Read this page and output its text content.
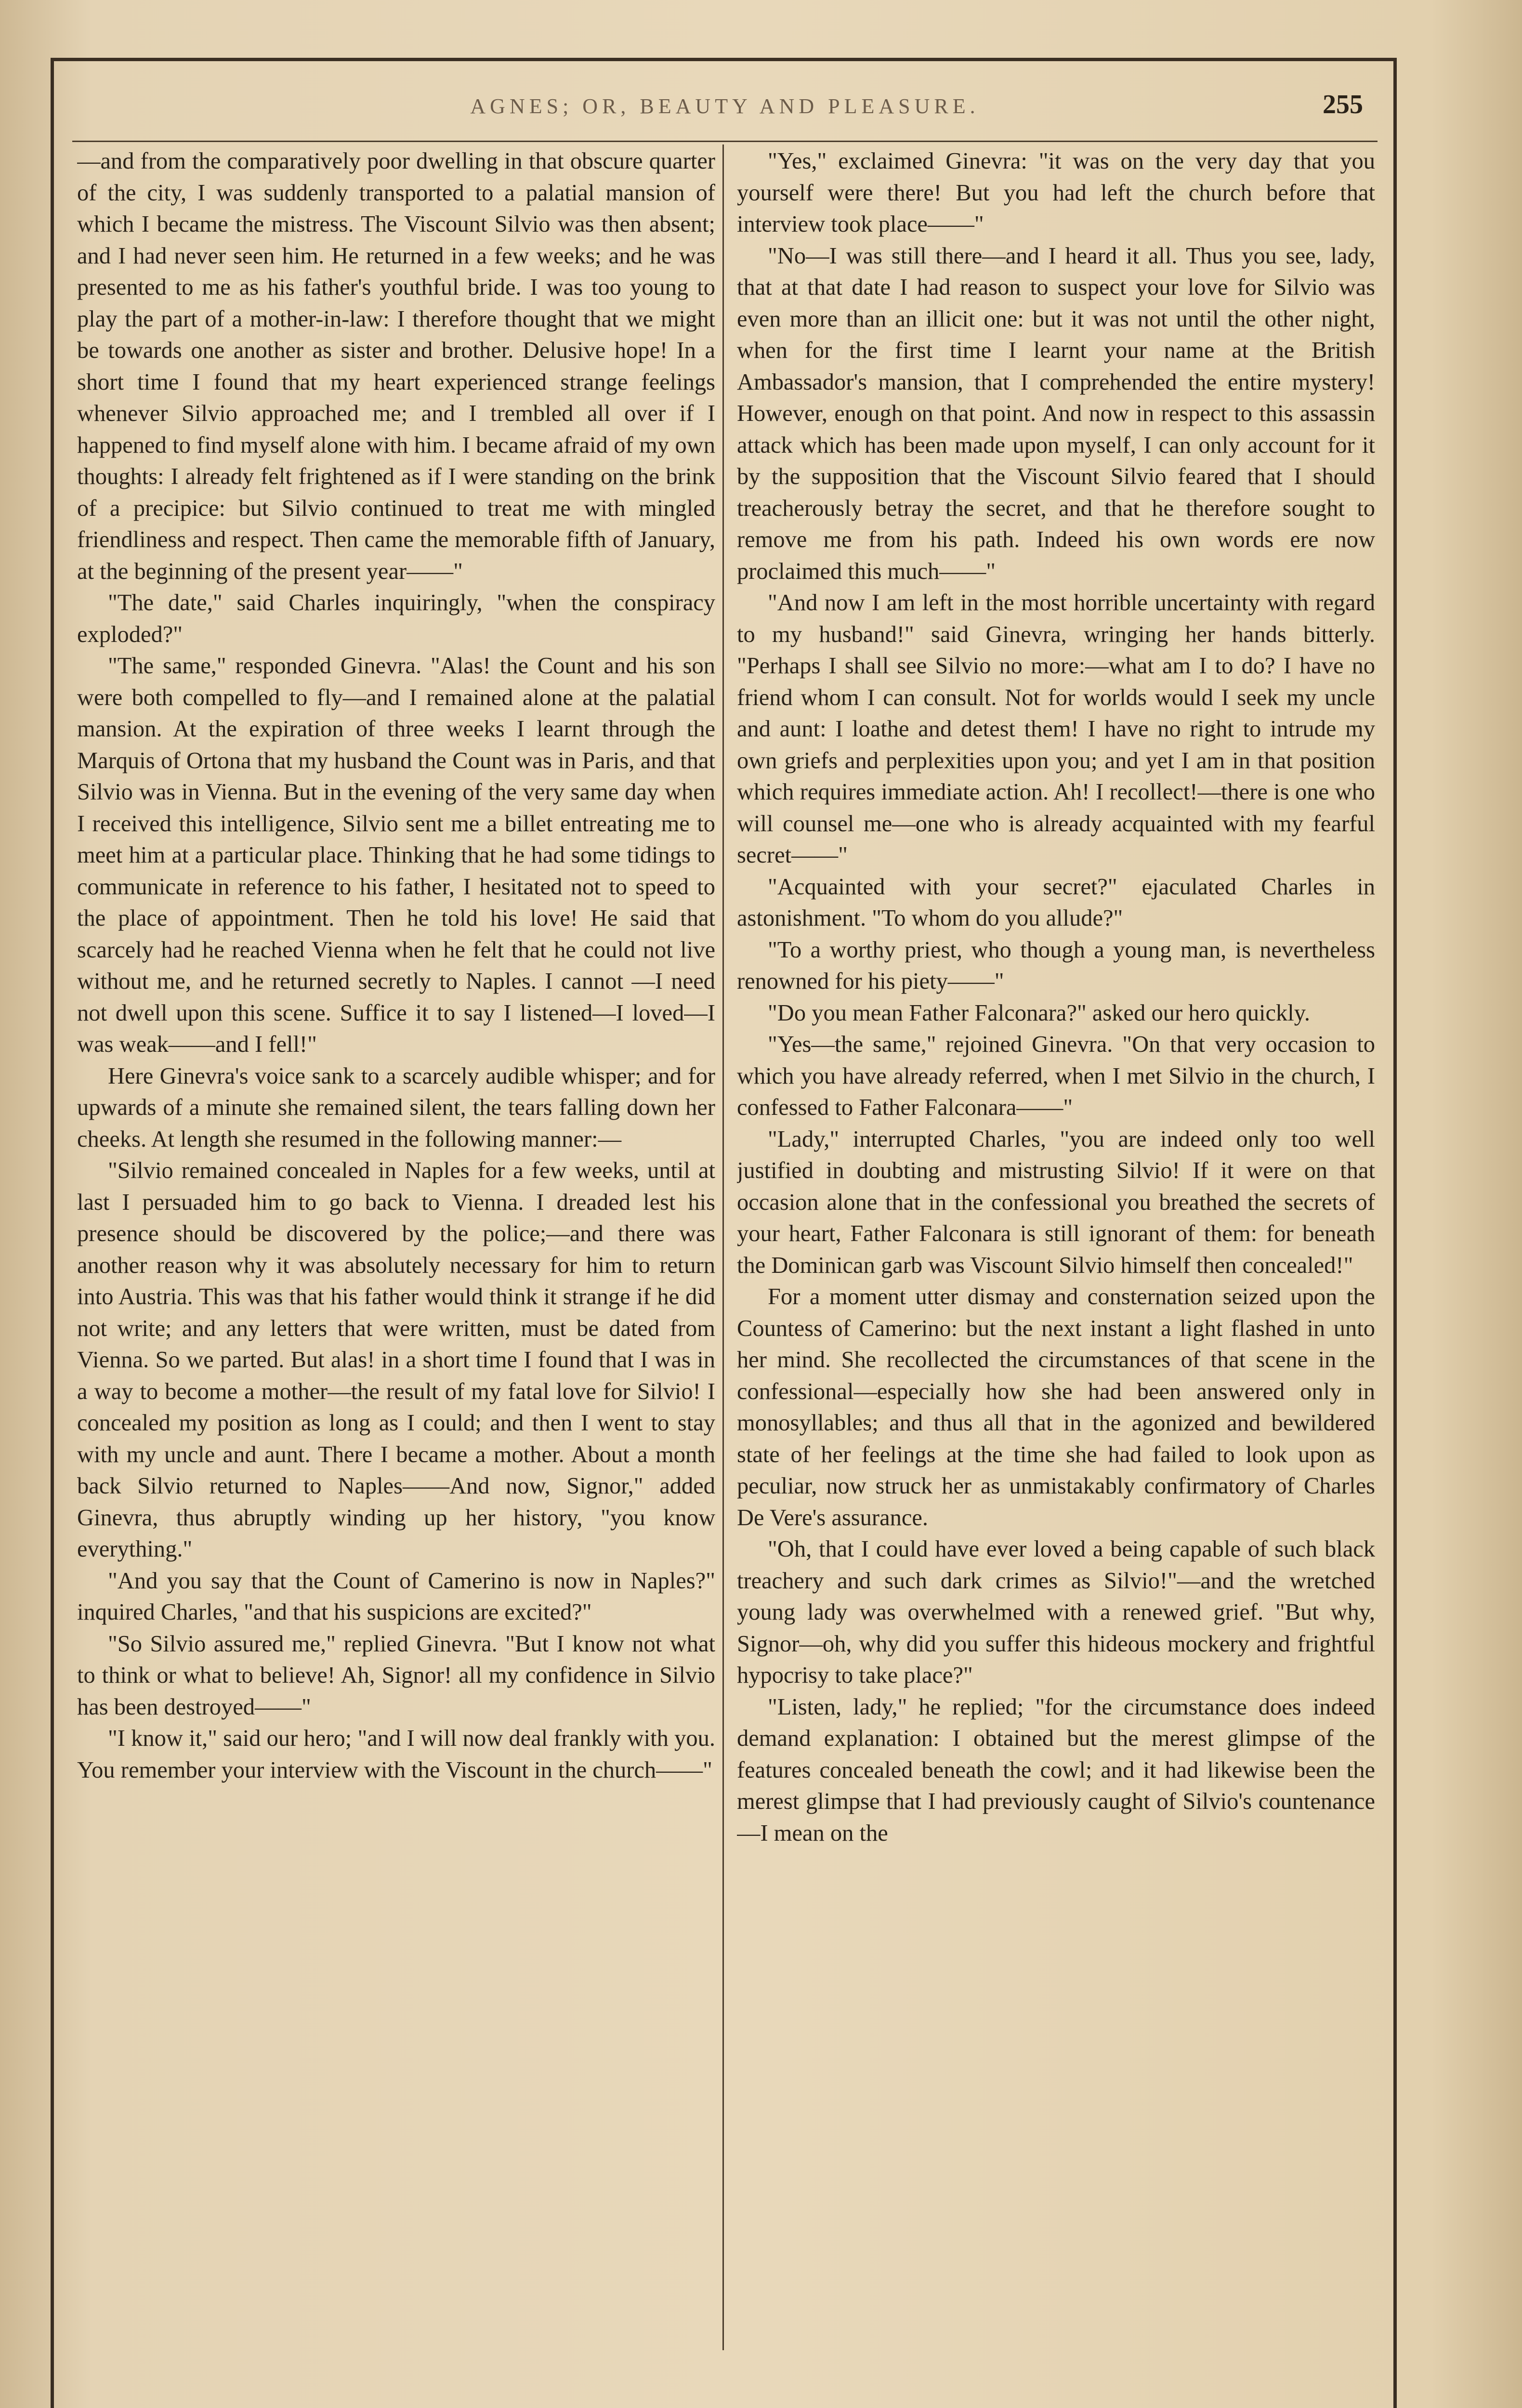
AGNES; OR, BEAUTY AND PLEASURE.	255

—and from the comparatively poor dwelling in that obscure quarter of the city, I was suddenly transported to a palatial mansion of which I became the mistress. The Viscount Silvio was then absent; and I had never seen him. He returned in a few weeks; and he was presented to me as his father's youthful bride. I was too young to play the part of a mother-in-law: I therefore thought that we might be towards one another as sister and brother. Delusive hope! In a short time I found that my heart experienced strange feelings whenever Silvio approached me; and I trembled all over if I happened to find myself alone with him. I became afraid of my own thoughts: I already felt frightened as if I were standing on the brink of a precipice: but Silvio continued to treat me with mingled friendliness and respect. Then came the memorable fifth of January, at the beginning of the present year——"

"The date," said Charles inquiringly, "when the conspiracy exploded?"

"The same," responded Ginevra. "Alas! the Count and his son were both compelled to fly—and I remained alone at the palatial mansion. At the expiration of three weeks I learnt through the Marquis of Ortona that my husband the Count was in Paris, and that Silvio was in Vienna. But in the evening of the very same day when I received this intelligence, Silvio sent me a billet entreating me to meet him at a particular place. Thinking that he had some tidings to communicate in reference to his father, I hesitated not to speed to the place of appointment. Then he told his love! He said that scarcely had he reached Vienna when he felt that he could not live without me, and he returned secretly to Naples. I cannot —I need not dwell upon this scene. Suffice it to say I listened—I loved—I was weak——and I fell!"

Here Ginevra's voice sank to a scarcely audible whisper; and for upwards of a minute she remained silent, the tears falling down her cheeks. At length she resumed in the following manner:—

"Silvio remained concealed in Naples for a few weeks, until at last I persuaded him to go back to Vienna. I dreaded lest his presence should be discovered by the police;—and there was another reason why it was absolutely necessary for him to return into Austria. This was that his father would think it strange if he did not write; and any letters that were written, must be dated from Vienna. So we parted. But alas! in a short time I found that I was in a way to become a mother—the result of my fatal love for Silvio! I concealed my position as long as I could; and then I went to stay with my uncle and aunt. There I became a mother. About a month back Silvio returned to Naples——And now, Signor," added Ginevra, thus abruptly winding up her history, "you know everything."

"And you say that the Count of Camerino is now in Naples?" inquired Charles, "and that his suspicions are excited?"

"So Silvio assured me," replied Ginevra. "But I know not what to think or what to believe! Ah, Signor! all my confidence in Silvio has been destroyed——"

"I know it," said our hero; "and I will now deal frankly with you. You remember your interview with the Viscount in the church——"

"Yes," exclaimed Ginevra: "it was on the very day that you yourself were there! But you had left the church before that interview took place——"

"No—I was still there—and I heard it all. Thus you see, lady, that at that date I had reason to suspect your love for Silvio was even more than an illicit one: but it was not until the other night, when for the first time I learnt your name at the British Ambassador's mansion, that I comprehended the entire mystery! However, enough on that point. And now in respect to this assassin attack which has been made upon myself, I can only account for it by the supposition that the Viscount Silvio feared that I should treacherously betray the secret, and that he therefore sought to remove me from his path. Indeed his own words ere now proclaimed this much——"

"And now I am left in the most horrible uncertainty with regard to my husband!" said Ginevra, wringing her hands bitterly. "Perhaps I shall see Silvio no more:—what am I to do? I have no friend whom I can consult. Not for worlds would I seek my uncle and aunt: I loathe and detest them! I have no right to intrude my own griefs and perplexities upon you; and yet I am in that position which requires immediate action. Ah! I recollect!—there is one who will counsel me—one who is already acquainted with my fearful secret——"

"Acquainted with your secret?" ejaculated Charles in astonishment. "To whom do you allude?"

"To a worthy priest, who though a young man, is nevertheless renowned for his piety——"

"Do you mean Father Falconara?" asked our hero quickly.

"Yes—the same," rejoined Ginevra. "On that very occasion to which you have already referred, when I met Silvio in the church, I confessed to Father Falconara——"

"Lady," interrupted Charles, "you are indeed only too well justified in doubting and mistrusting Silvio! If it were on that occasion alone that in the confessional you breathed the secrets of your heart, Father Falconara is still ignorant of them: for beneath the Dominican garb was Viscount Silvio himself then concealed!"

For a moment utter dismay and consternation seized upon the Countess of Camerino: but the next instant a light flashed in unto her mind. She recollected the circumstances of that scene in the confessional—especially how she had been answered only in monosyllables; and thus all that in the agonized and bewildered state of her feelings at the time she had failed to look upon as peculiar, now struck her as unmistakably confirmatory of Charles De Vere's assurance.

"Oh, that I could have ever loved a being capable of such black treachery and such dark crimes as Silvio!"—and the wretched young lady was overwhelmed with a renewed grief. "But why, Signor—oh, why did you suffer this hideous mockery and frightful hypocrisy to take place?"

"Listen, lady," he replied; "for the circumstance does indeed demand explanation: I obtained but the merest glimpse of the features concealed beneath the cowl; and it had likewise been the merest glimpse that I had previously caught of Silvio's countenance—I mean on the
